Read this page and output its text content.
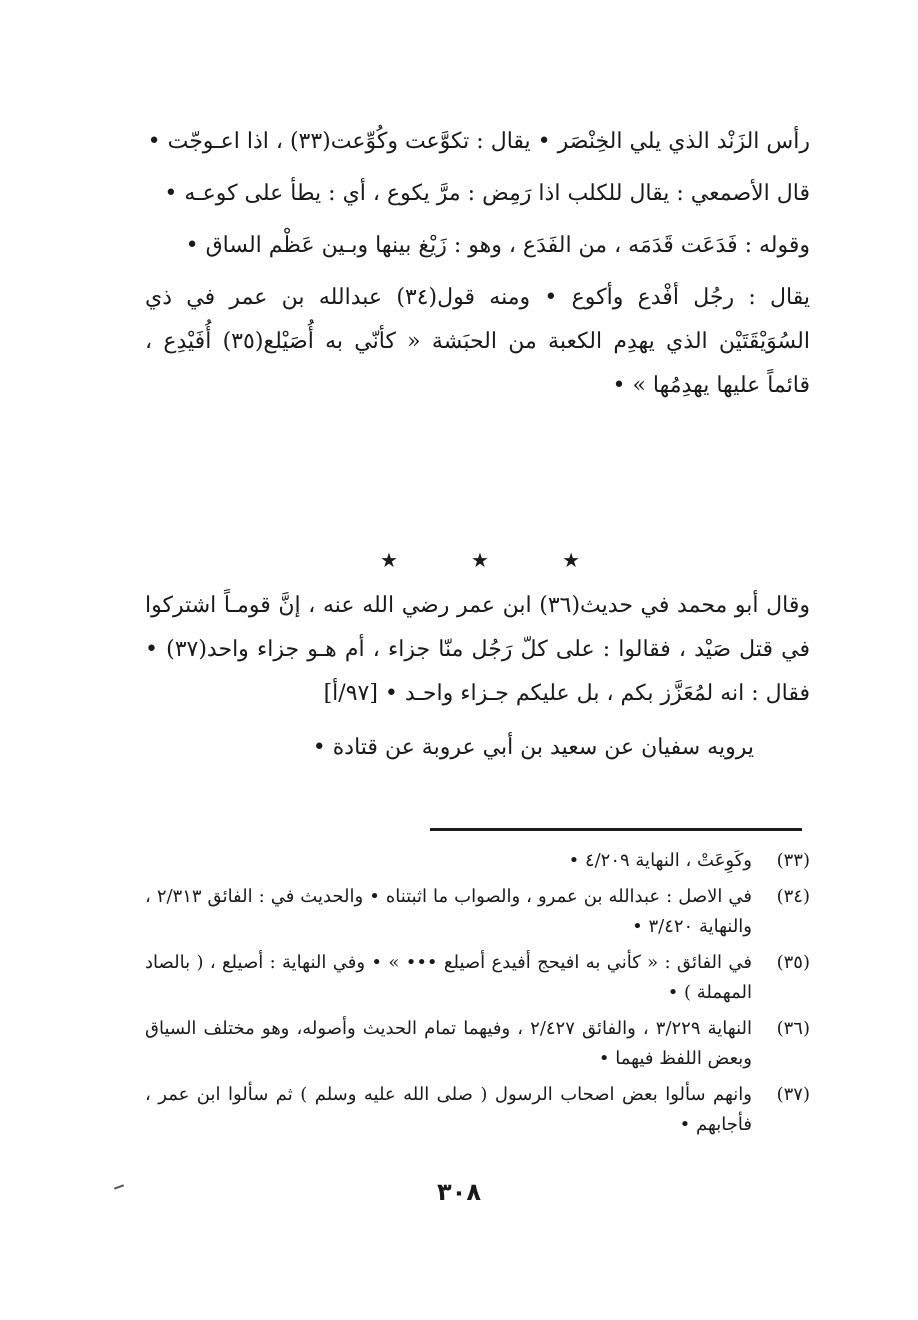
رأس الزَنْد الذي يلي الخِنْصَر • يقال : تكوَّعت وكُوِّعت(٣٣) ، اذا اعـوجّت •

قال الأصمعي : يقال للكلب اذا رَمِض : مرَّ يكوع ، أي : يطأ على كوعـه •

وقوله : فَدَعَت قَدَمَه ، من الفَدَع ، وهو : زَيْغ بينها وبـين عَظْم الساق •

يقال : رجُل أفْدع وأكوع • ومنه قول(٣٤) عبدالله بن عمر في ذي السُوَيْقَتَيْن الذي يهدِم الكعبة من الحبَشة « كأنّي به أُصَيْلع(٣٥) أُفَيْدِع ، قائماً عليها يهدِمُها » •

★
★
★

وقال أبو محمد في حديث(٣٦) ابن عمر رضي الله عنه ، إنَّ قومـاً اشتركوا في قتل صَيْد ، فقالوا : على كلّ رَجُل منّا جزاء ، أم هـو جزاء واحد(٣٧) • فقال : انه لمُعَزَّز بكم ، بل عليكم جـزاء واحـد • [٩٧/أ]

يرويه سفيان عن سعيد بن أبي عروبة عن قتادة •

(٣٣)
وكَوِعَتْ ، النهاية ٤/٢٠٩ •
(٣٤)
في الاصل : عبدالله بن عمرو ، والصواب ما اثبتناه • والحديث في : الفائق ٢/٣١٣ ، والنهاية ٣/٤٢٠ •
(٣٥)
في الفائق : « كأني به افيحج أفيدع أصيلع ••• » • وفي النهاية : أصيلع ، ( بالصاد المهملة ) •
(٣٦)
النهاية ٣/٢٢٩ ، والفائق ٢/٤٢٧ ، وفيهما تمام الحديث وأصوله، وهو مختلف السياق وبعض اللفظ فيهما •
(٣٧)
وانهم سألوا بعض اصحاب الرسول ( صلى الله عليه وسلم ) ثم سألوا ابن عمر ، فأجابهم •
٣٠٨
